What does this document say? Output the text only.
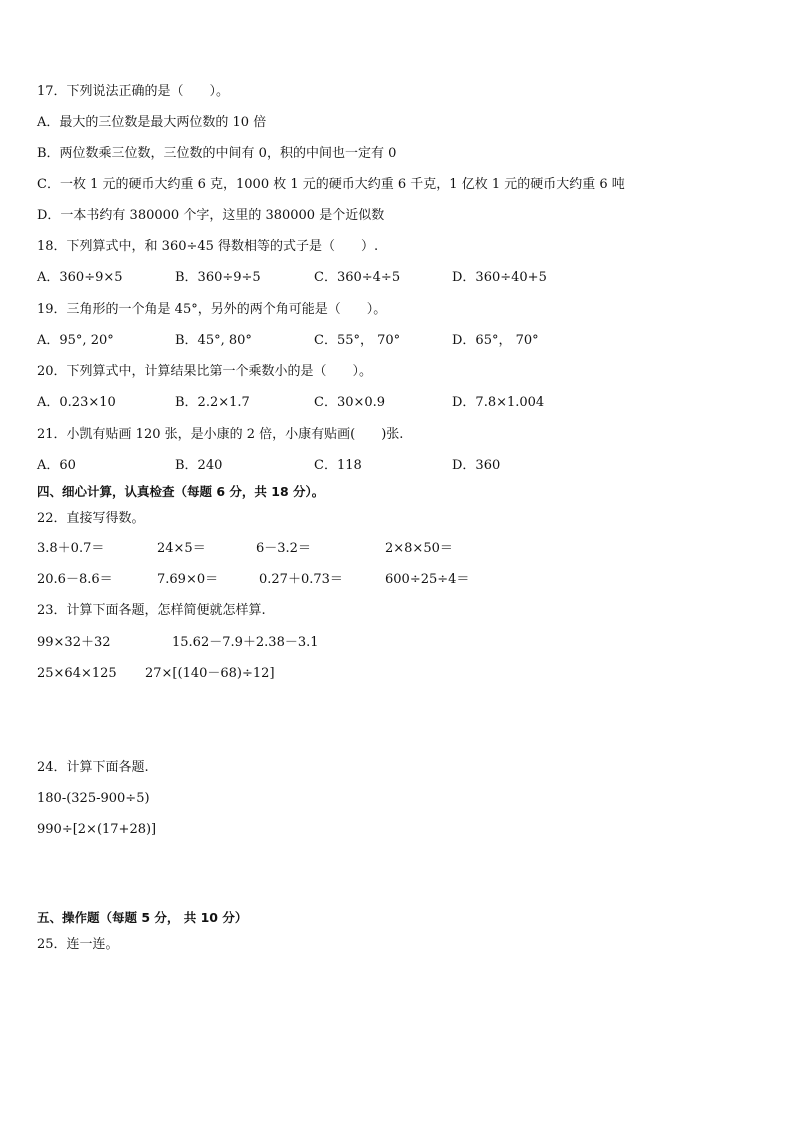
17．下列说法正确的是（　　）。
A．最大的三位数是最大两位数的 10 倍
B．两位数乘三位数，三位数的中间有 0，积的中间也一定有 0
C．一枚 1 元的硬币大约重 6 克，1000 枚 1 元的硬币大约重 6 千克，1 亿枚 1 元的硬币大约重 6 吨
D．一本书约有 380000 个字，这里的 380000 是个近似数
18．下列算式中，和 360÷45 得数相等的式子是（　　）.
A．360÷9×5	B．360÷9÷5	C．360÷4÷5	D．360÷40+5
19．三角形的一个角是 45°，另外的两个角可能是（　　）。
A．95°, 20°	B．45°, 80°	C．55°， 70°	D．65°， 70°
20．下列算式中，计算结果比第一个乘数小的是（　　）。
A．0.23×10	B．2.2×1.7	C．30×0.9	D．7.8×1.004
21．小凯有贴画 120 张，是小康的 2 倍，小康有贴画(　　)张.
A．60	B．240	C．118	D．360
四、细心计算，认真检查（每题 6 分，共 18 分）。
22．直接写得数。
3.8＋0.7＝	24×5＝	6－3.2＝	2×8×50＝
20.6－8.6＝	7.69×0＝	0.27＋0.73＝	600÷25÷4＝
23．计算下面各题，怎样简便就怎样算.
99×32＋32	15.62－7.9＋2.38－3.1
25×64×125 27×[(140－68)÷12]
24．计算下面各题.
180-(325-900÷5)
990÷[2×(17+28)]
五、操作题（每题 5 分， 共 10 分）
25．连一连。
